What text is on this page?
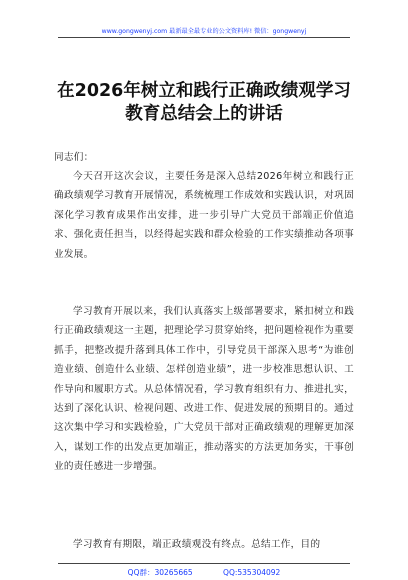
www.gongwenyj.com 最新最全最专业的公文资料库! 微信：gongwenyj
在2026年树立和践行正确政绩观学习教育总结会上的讲话
同志们：

今天召开这次会议，主要任务是深入总结2026年树立和践行正确政绩观学习教育开展情况，系统梳理工作成效和实践认识，对巩固深化学习教育成果作出安排，进一步引导广大党员干部端正价值追求、强化责任担当，以经得起实践和群众检验的工作实绩推动各项事业发展。

学习教育开展以来，我们认真落实上级部署要求，紧扣树立和践行正确政绩观这一主题，把理论学习贯穿始终，把问题检视作为重要抓手，把整改提升落到具体工作中，引导党员干部深入思考“为谁创造业绩、创造什么业绩、怎样创造业绩”，进一步校准思想认识、工作导向和履职方式。从总体情况看，学习教育组织有力、推进扎实，达到了深化认识、检视问题、改进工作、促进发展的预期目的。通过这次集中学习和实践检验，广大党员干部对正确政绩观的理解更加深入，谋划工作的出发点更加端正，推动落实的方法更加务实，干事创业的责任感进一步增强。

学习教育有期限，端正政绩观没有终点。总结工作，目的

QQ群：30265665	QQ:535304092
